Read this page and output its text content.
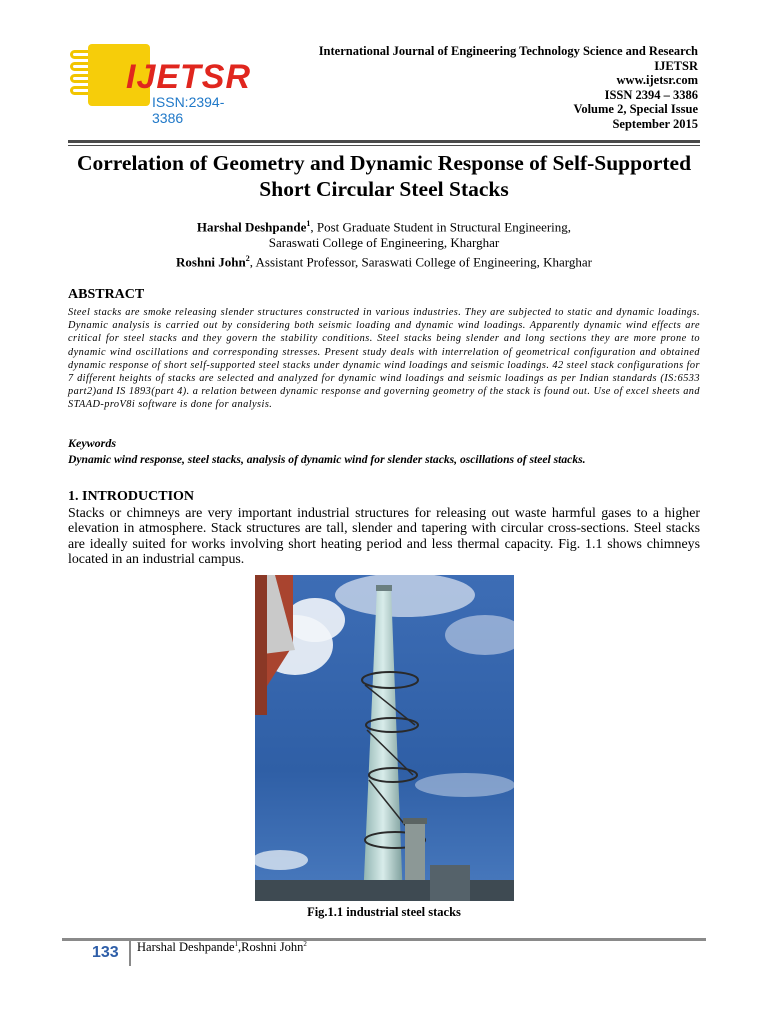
IJETSR
ISSN:2394-3386
International Journal of Engineering Technology Science and Research
IJETSR
www.ijetsr.com
ISSN 2394 – 3386
Volume 2, Special Issue
September 2015
Correlation of Geometry and Dynamic Response of Self-Supported Short Circular Steel Stacks
Harshal Deshpande$^1$, Post Graduate Student in Structural Engineering,
Saraswati College of Engineering, Kharghar
Roshni John$^2$, Assistant Professor, Saraswati College of Engineering, Kharghar
ABSTRACT
Steel stacks are smoke releasing slender structures constructed in various industries. They are subjected to static and dynamic loadings. Dynamic analysis is carried out by considering both seismic loading and dynamic wind loadings. Apparently dynamic wind effects are critical for steel stacks and they govern the stability conditions. Steel stacks being slender and long sections they are more prone to dynamic wind oscillations and corresponding stresses. Present study deals with interrelation of geometrical configuration and obtained dynamic response of short self-supported steel stacks under dynamic wind loadings and seismic loadings. 42 steel stack configurations for 7 different heights of stacks are selected and analyzed for dynamic wind loadings and seismic loadings as per Indian standards (IS:6533 part2)and IS 1893(part 4). a relation between dynamic response and governing geometry of the stack is found out. Use of excel sheets and STAAD-proV8i software is done for analysis.
Keywords
Dynamic wind response, steel stacks, analysis of dynamic wind for slender stacks, oscillations of steel stacks.
1. INTRODUCTION
Stacks or chimneys are very important industrial structures for releasing out waste harmful gases to a higher elevation in atmosphere. Stack structures are tall, slender and tapering with circular cross-sections. Steel stacks are ideally suited for works involving short heating period and less thermal capacity. Fig. 1.1 shows chimneys located in an industrial campus.
Fig.1.1 industrial steel stacks
133 Harshal Deshpande$^1$,Roshni John$^2$
